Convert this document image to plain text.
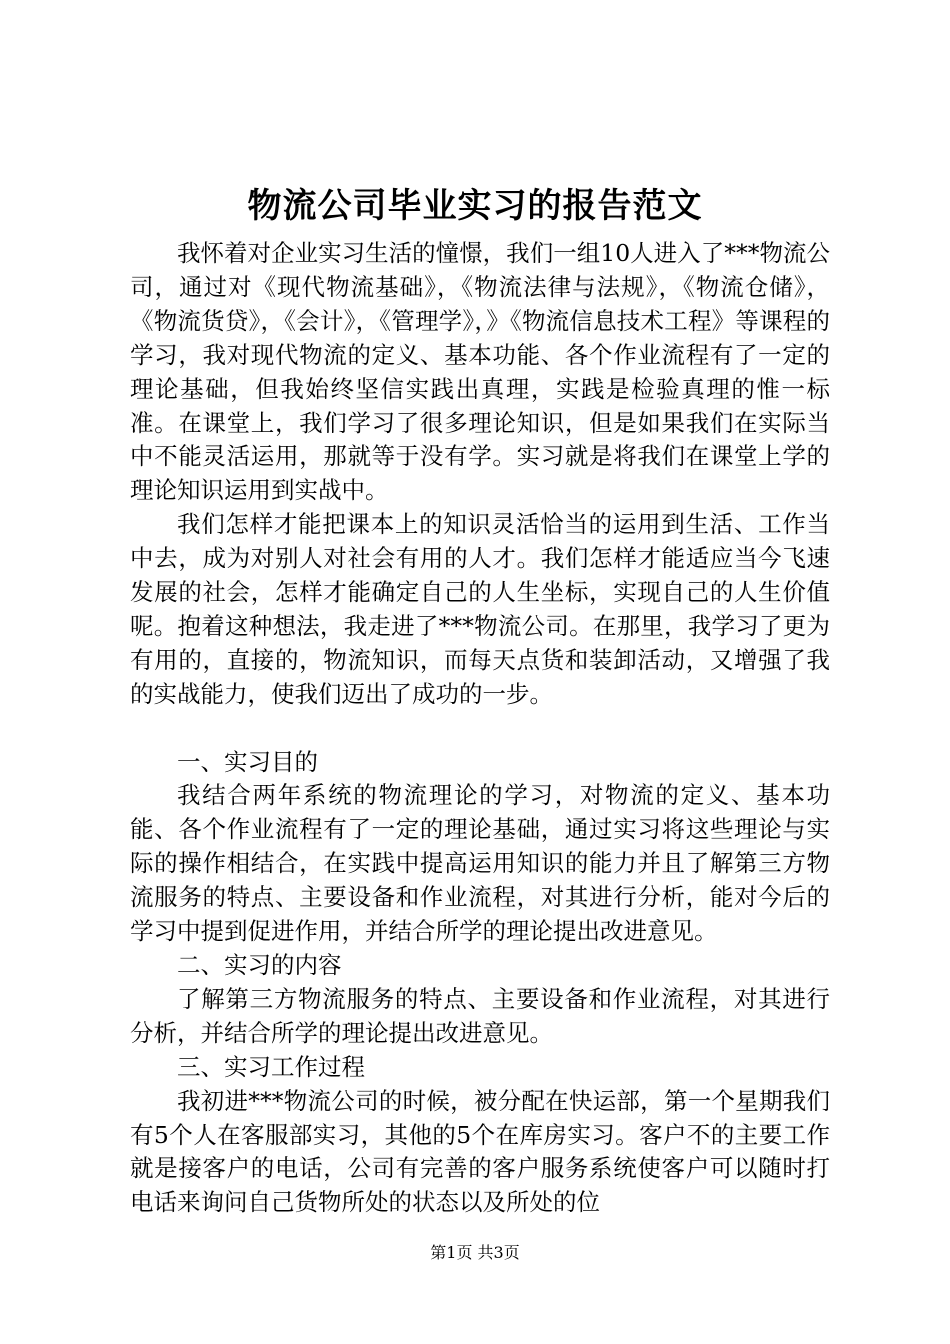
物流公司毕业实习的报告范文

我怀着对企业实习生活的憧憬，我们一组10人进入了***物流公司，通过对《现代物流基础》，《物流法律与法规》，《物流仓储》，《物流货贷》，《会计》，《管理学》，》《物流信息技术工程》等课程的学习，我对现代物流的定义、基本功能、各个作业流程有了一定的理论基础，但我始终坚信实践出真理，实践是检验真理的惟一标准。在课堂上，我们学习了很多理论知识，但是如果我们在实际当中不能灵活运用，那就等于没有学。实习就是将我们在课堂上学的理论知识运用到实战中。

我们怎样才能把课本上的知识灵活恰当的运用到生活、工作当中去，成为对别人对社会有用的人才。我们怎样才能适应当今飞速发展的社会，怎样才能确定自己的人生坐标，实现自己的人生价值呢。抱着这种想法，我走进了***物流公司。在那里，我学习了更为有用的，直接的，物流知识，而每天点货和装卸活动，又增强了我的实战能力，使我们迈出了成功的一步。

一、实习目的

我结合两年系统的物流理论的学习，对物流的定义、基本功能、各个作业流程有了一定的理论基础，通过实习将这些理论与实际的操作相结合，在实践中提高运用知识的能力并且了解第三方物流服务的特点、主要设备和作业流程，对其进行分析，能对今后的学习中提到促进作用，并结合所学的理论提出改进意见。

二、实习的内容

了解第三方物流服务的特点、主要设备和作业流程，对其进行分析，并结合所学的理论提出改进意见。

三、实习工作过程

我初进***物流公司的时候，被分配在快运部，第一个星期我们有5个人在客服部实习，其他的5个在库房实习。客户不的主要工作就是接客户的电话，公司有完善的客户服务系统使客户可以随时打电话来询问自己货物所处的状态以及所处的位

第1页 共3页
